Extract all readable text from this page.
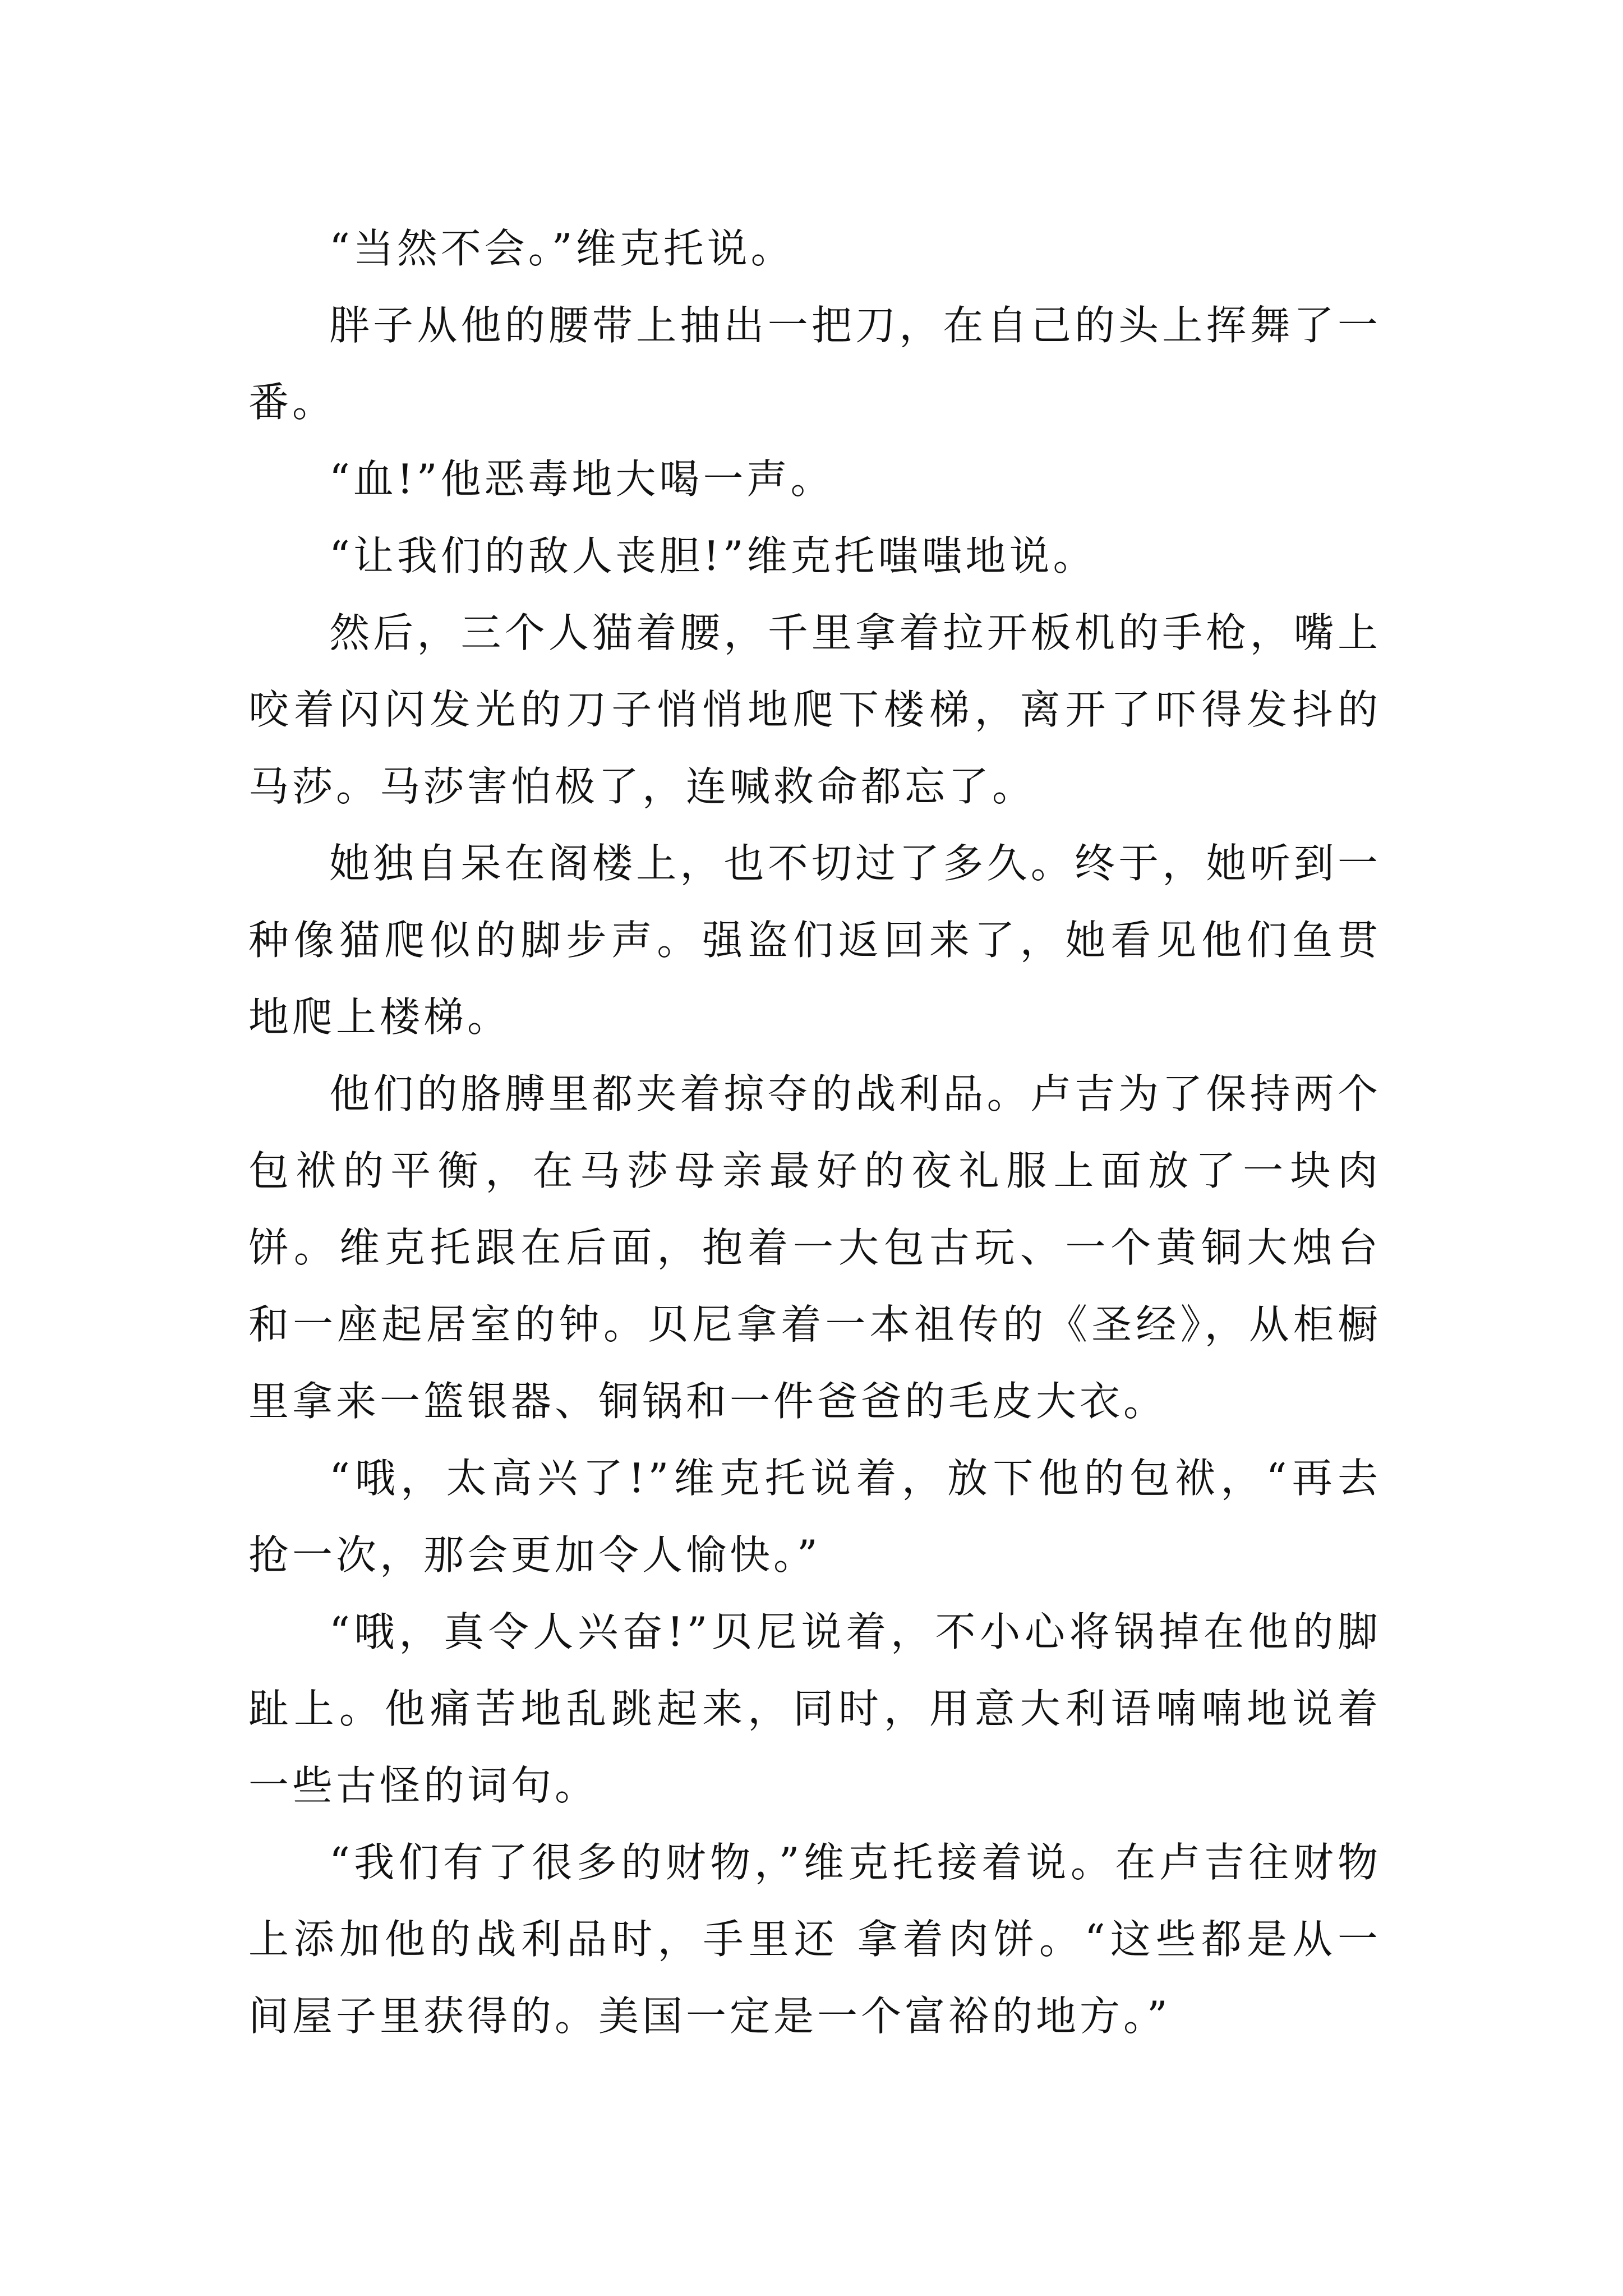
“当然不会。”维克托说。

胖子从他的腰带上抽出一把刀，在自己的头上挥舞了一番。

“血!”他恶毒地大喝一声。

“让我们的敌人丧胆!”维克托嗤嗤地说。

然后，三个人猫着腰，千里拿着拉开板机的手枪，嘴上咬着闪闪发光的刀子悄悄地爬下楼梯，离开了吓得发抖的马莎。马莎害怕极了，连喊救命都忘了。

她独自呆在阁楼上，也不切过了多久。终于，她听到一种像猫爬似的脚步声。强盗们返回来了，她看见他们鱼贯地爬上楼梯。

他们的胳膊里都夹着掠夺的战利品。卢吉为了保持两个包袱的平衡，在马莎母亲最好的夜礼服上面放了一块肉饼。维克托跟在后面，抱着一大包古玩、一个黄铜大烛台和一座起居室的钟。贝尼拿着一本祖传的《圣经》，从柜橱里拿来一篮银器、铜锅和一件爸爸的毛皮大衣。

“哦，太高兴了!”维克托说着，放下他的包袱，“再去抢一次，那会更加令人愉快。”

“哦，真令人兴奋!”贝尼说着，不小心将锅掉在他的脚趾上。他痛苦地乱跳起来，同时，用意大利语喃喃地说着一些古怪的词句。

“我们有了很多的财物，”维克托接着说。在卢吉往财物上添加他的战利品时，手里还 拿着肉饼。“这些都是从一间屋子里获得的。美国一定是一个富裕的地方。”
